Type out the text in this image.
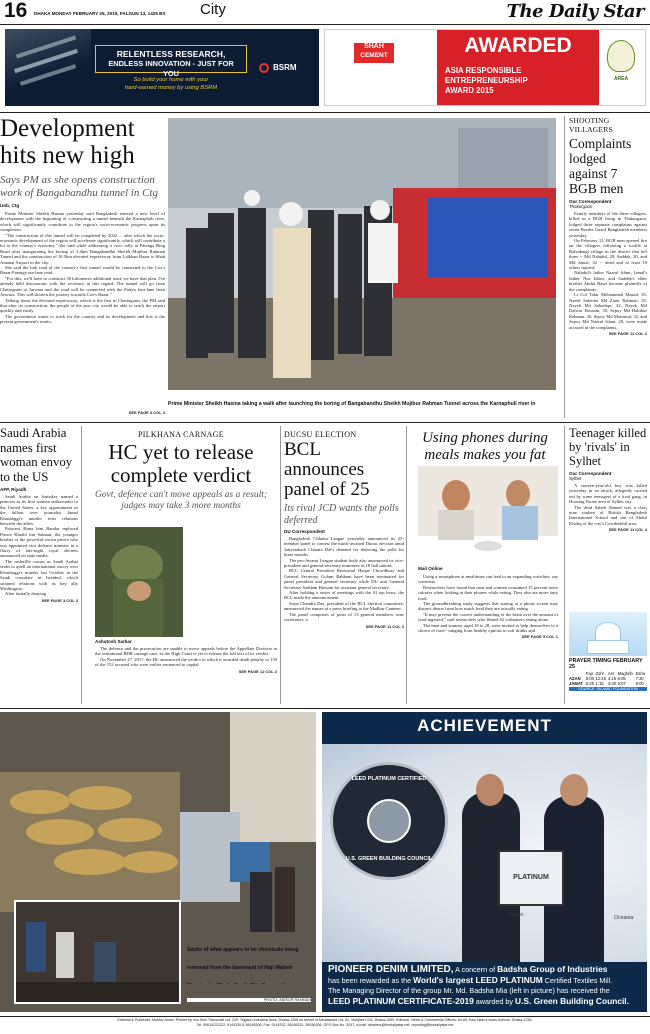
16 DHAKA MONDAY FEBRUARY 25, 2019, FALGUN 13, 1425 BS City	The Daily Star
RELENTLESS RESEARCH,
ENDLESS INNOVATION - JUST FOR YOU
So build your home with your
hard-earned money by using BSRM
BSRM
SHAH
CEMENT	AWARDED
ASIA RESPONSIBLE
ENTREPRENEURSHIP
AWARD 2015
AREA
Development
hits new high
Says PM as she opens construction work of Bangabandhu tunnel in Ctg
Unb, Ctg

Prime Minister Sheikh Hasina yesterday said Bangladesh entered a new level of development with the beginning of constructing a tunnel beneath the Karnaphuli river, which will significantly contribute to the region's socio-economic progress upon its completion.

"The construction of this tunnel will be completed by 2022 ... after which the socio-economic development of the region will accelerate significantly, which will contribute a lot to the country's economy," she said while addressing a civic rally at Patenga Bing Road after inaugurating the boring of 3.4km Bangabandhu Sheikh Mujibur Rahman Tunnel and the construction of 16.5km elevated expressway from Lalkhan Bazar to Shah Amanat Airport in the city.

She said the link road of the country's first tunnel would be connected to the Cox's Bazar-Patenga sea-lane road.

"For this, we'll have to construct 30 kilometres additional road; we have that plan. I've already held discussions with the secretary in this regard. The tunnel will go from Chattogram to Anwara and the road will be connected with the Patiya four-lane from Anwara. This will shorten the journey towards Cox's Bazar."

Talking about the elevated expressway, which is the first in Chattogram, the PM said that after its construction, the people of the port city would be able to reach the airport quickly and easily.

The government wants to work for the country and its development and this is the present government's motto,

Prime Minister Sheikh Hasina taking a walk after launching the boring of Bangabandhu Sheikh Mujibur Rahman Tunnel across the Karnaphuli river in
SEE PAGE 6 COL 3
SHOOTING VILLAGERS
Complaints lodged against 7 BGB men
Our Correspondent
Thakurgaon

Family members of the three villagers, killed in a BGB firing in Thakurgaon, lodged three separate complaints against seven Border Guard Bangladesh members yesterday.

On February 12, BGB men opened fire on the villagers following a scuffle at Baliadangi village in the district that left three -- Md Nahidul, 29, Saddek, 30, and Md Jamal, 32 -- dead and at least 10 others injured.

Nahidul's father Nazrul Islam, Jamal's father Nur Islam, and Saddek's elder brother Abdul Baset became plaintiffs of the complaints.

Lt Col Tahir Mohammad Masud, 35, Naeek Subedar Md Ziaur Rahman, 35, Nayek Md Sahadiqu, 32, Nayek Md Dalwar Hossain, 30, Sepoy Md Habibur Rahman, 30, Sepoy Md Mominul, 32, and Sepoy Md Nazrul Islam, 29, were made accused in the complaints.

SEE PAGE 11 COL 2
Saudi Arabia names first woman envoy to the US
AFP, Riyadh

Saudi Arabia on Saturday named a princess as its first woman ambassador to the United States, a key appointment as the fallout over journalist Jamal Khashoggi's murder tests relations between the allies.

Princess Rima bint Bandar replaced Prince Khalid bin Salman, the younger brother of the powerful crown prince who was appointed vice defence minister in a flurry of late-night royal decrees announced on state media.

The reshuffle comes as Saudi Arabia seeks to quell an international outcry over Khashoggi's murder last October in the Saudi consulate in Istanbul, which strained relations with its key ally Washington.

After initially denying

SEE PAGE 3 COL 3
PILKHANA CARNAGE
HC yet to release complete verdict
Govt, defence can't move appeals as a result; judges may take 3 more months
Ashutosh Sarkar

The defence and the prosecution are unable to move appeals before the Appellate Division in the sensational BDR carnage case, as the High Court is yet to release the full text of its verdict.

On November 27, 2017, the HC announced the verdict in which it awarded death penalty to 139 of the 152 accused who were earlier sentenced to capital

SEE PAGE 11 COL 2
DUCSU ELECTION
BCL announces panel of 25
Its rival JCD wants the polls deferred
DU Correspondent

Bangladesh Chhatra League yesterday announced its 25-member panel to contest the much-awaited Ducsu election amid Jatiyatabadi Chhatra Dal's demand for deferring the polls for three months.

The pro-Awami League student body also announced its vice-president and general secretary nominees in 18 hall unions.

BCL Central President Rezwanul Haque Chowdhury and General Secretary Golam Rabbani have been nominated for panel president and general secretary while DU unit General Secretary Saddam Hussain for assistant general secretary.

After holding a series of meetings with the Al top brass, the BCL made the announcement.

Surja Chandra Das, president of the BCL election committee, announced the names at a press briefing at the Madhur Canteen.

The panel comprises of posts of 13 general members, nine secretaries, a

SEE PAGE 11 COL 3
Using phones during meals makes you fat
Mail Online

Using a smartphone at mealtimes can lead to an expanding waistline, say scientists.

Researchers have found that men and women consumed 15 percent more calories when looking at their phones while eating. They also ate more fatty food.

The groundbreaking study suggests that staring at a phone screen may distract diners from how much food they are actually eating.

"It may prevent the correct understanding of the brain over the amount of food ingested," said researchers who filmed 62 volunteers eating alone.

The men and women, aged 18 to 28, were invited to help themselves to a choice of food - ranging from healthy options to soft drinks and

SEE PAGE 5 COL 1
Teenager killed by 'rivals' in Sylhet
Our Correspondent
Sylhet

A sixteen-year-old boy was killed yesterday in an attack, allegedly carried out by some teenagers of a rival gang, in Housing Estate area of Sylhet city.

The dead Saheb Ahmed was a class nine student of British Bangladesh International School and son of Abdul Khaliq of the city's Cowdeekhil area.

SEE PAGE 11 COL 4
PRAYER TIMING FEBRUARY 25
	Fajr	Zohr	Asr	Maghrib	Esha
AZAN	5:00	12:45	4:15	6:05	7:30
JAMAT	5:25	1:15	4:30	6:07	8:00
SOURCE: ISLAMIC FOUNDATION
Sacks of what appears to be chemicals being removed from the basement of Haji Wahed
PHOTO: ANISUR RAHMAN
ACHIEVEMENT
LEED PLATINUM CERTIFIED
U.S. GREEN BUILDING COUNCIL
PLATINUM
Ocean	Oceania
PIONEER DENIM LIMITED, A concern of Badsha Group of Industries
has been rewarded as the World's largest LEED PLATINUM Certified Textiles Mill.
The Managing Director of the group Mr. Md. Badsha Mia (left in picture) has received the
LEED PLATINUM CERTIFICATE-2019 awarded by U.S. Green Building Council.
Editorial & Publisher: Mahfuz Anam. Printed by him from Transcraft Ltd, 229, Tejgaon Industrial Area, Dhaka-1208 on behalf of Mediaworld Ltd, 52, Motijheel C/A, Dhaka-1000. Editorial, News & Commercial Offices: 64-65, Kazi Nazrul Islam Avenue, Dhaka-1215.
Tel: 09610222222, 9144330 & 58156306, Fax: 9144332, 58156331, 58156306, GPO Box No. 3257, e-mail: dsletters@thedailystar.net, reporting@thedailystar.net
